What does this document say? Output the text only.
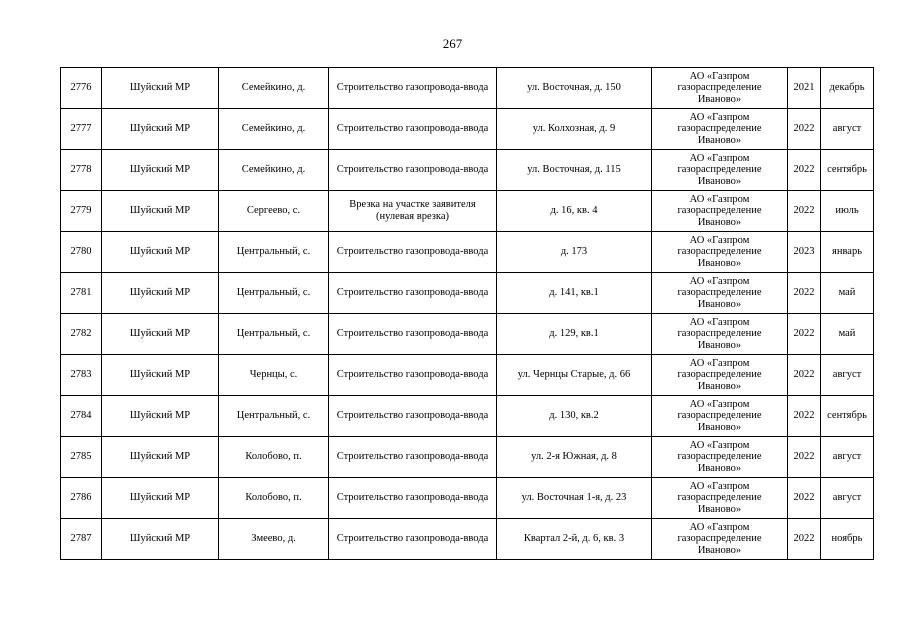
267
2776	Шуйский МР	Семейкино, д.	Строительство газопровода-ввода	ул. Восточная, д. 150	АО «Газпром
газораспределение
Иваново»	2021	декабрь
2777	Шуйский МР	Семейкино, д.	Строительство газопровода-ввода	ул. Колхозная, д. 9	АО «Газпром
газораспределение
Иваново»	2022	август
2778	Шуйский МР	Семейкино, д.	Строительство газопровода-ввода	ул. Восточная, д. 115	АО «Газпром
газораспределение
Иваново»	2022	сентябрь
2779	Шуйский МР	Сергеево, с.	Врезка на участке заявителя (нулевая врезка)	д. 16, кв. 4	АО «Газпром
газораспределение
Иваново»	2022	июль
2780	Шуйский МР	Центральный, с.	Строительство газопровода-ввода	д. 173	АО «Газпром
газораспределение
Иваново»	2023	январь
2781	Шуйский МР	Центральный, с.	Строительство газопровода-ввода	д. 141, кв.1	АО «Газпром
газораспределение
Иваново»	2022	май
2782	Шуйский МР	Центральный, с.	Строительство газопровода-ввода	д. 129, кв.1	АО «Газпром
газораспределение
Иваново»	2022	май
2783	Шуйский МР	Чернцы, с.	Строительство газопровода-ввода	ул. Чернцы Старые, д. 66	АО «Газпром
газораспределение
Иваново»	2022	август
2784	Шуйский МР	Центральный, с.	Строительство газопровода-ввода	д. 130, кв.2	АО «Газпром
газораспределение
Иваново»	2022	сентябрь
2785	Шуйский МР	Колобово, п.	Строительство газопровода-ввода	ул. 2-я Южная, д. 8	АО «Газпром
газораспределение
Иваново»	2022	август
2786	Шуйский МР	Колобово, п.	Строительство газопровода-ввода	ул. Восточная 1-я, д. 23	АО «Газпром
газораспределение
Иваново»	2022	август
2787	Шуйский МР	Змеево, д.	Строительство газопровода-ввода	Квартал 2-й, д. 6, кв. 3	АО «Газпром
газораспределение
Иваново»	2022	ноябрь
